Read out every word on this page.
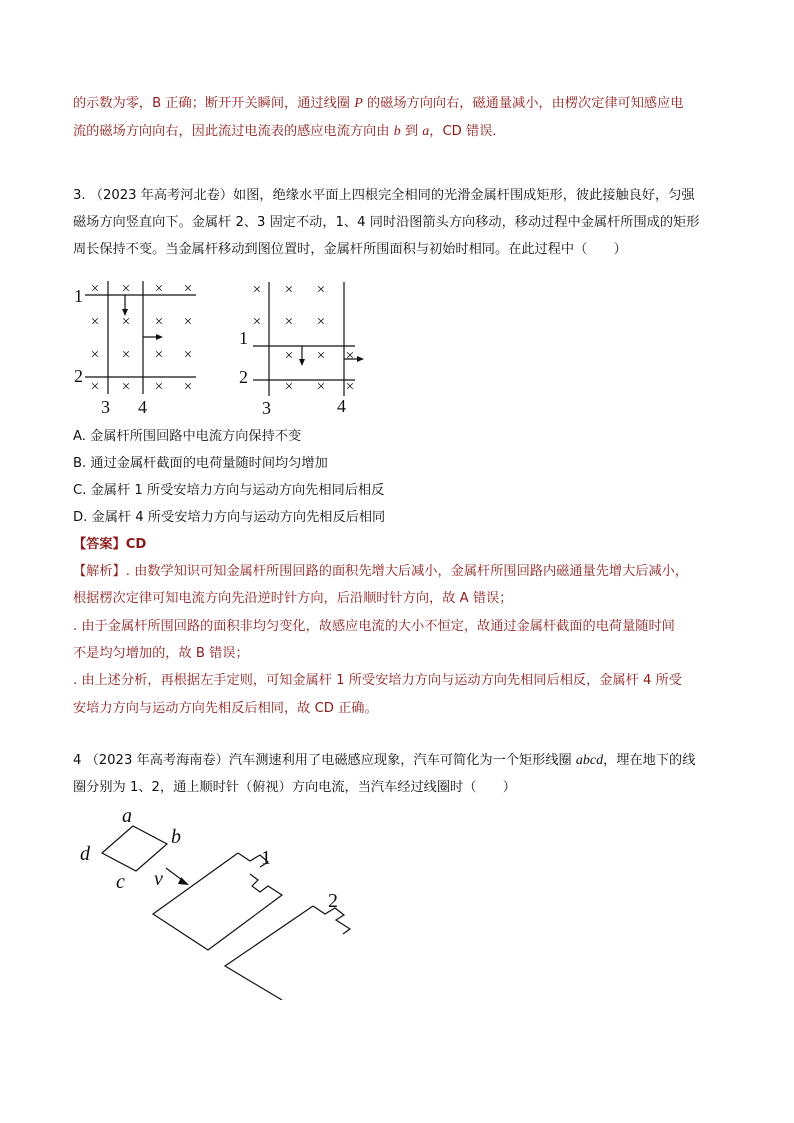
的示数为零，B 正确；断开开关瞬间，通过线圈 P 的磁场方向向右，磁通量减小，由楞次定律可知感应电
流的磁场方向向右，因此流过电流表的感应电流方向由 b 到 a，CD 错误．
3. （2023 年高考河北卷）如图，绝缘水平面上四根完全相同的光滑金属杆围成矩形，彼此接触良好，匀强
磁场方向竖直向下。金属杆 2、3 固定不动，1、4 同时沿图箭头方向移动，移动过程中金属杆所围成的矩形
周长保持不变。当金属杆移动到图位置时，金属杆所围面积与初始时相同。在此过程中（　　）
× × × ×
× × × ×
× × × ×
× × × ×
× × ×
× × ×
× × ×
× × ×
1
2
3 4
1
2
3	4
A. 金属杆所围回路中电流方向保持不变
B. 通过金属杆截面的电荷量随时间均匀增加
C. 金属杆 1 所受安培力方向与运动方向先相同后相反
D. 金属杆 4 所受安培力方向与运动方向先相反后相同
【答案】CD
【解析】. 由数学知识可知金属杆所围回路的面积先增大后减小，金属杆所围回路内磁通量先增大后减小，
根据楞次定律可知电流方向先沿逆时针方向，后沿顺时针方向，故 A 错误；
. 由于金属杆所围回路的面积非均匀变化，故感应电流的大小不恒定，故通过金属杆截面的电荷量随时间
不是均匀增加的，故 B 错误；
. 由上述分析，再根据左手定则，可知金属杆 1 所受安培力方向与运动方向先相同后相反，金属杆 4 所受
安培力方向与运动方向先相反后相同，故 CD 正确。
4 （2023 年高考海南卷）汽车测速利用了电磁感应现象，汽车可简化为一个矩形线圈 abcd，埋在地下的线
圈分别为 1、2，通上顺时针（俯视）方向电流，当汽车经过线圈时（　　）
a
b
c
d
v
1
2
